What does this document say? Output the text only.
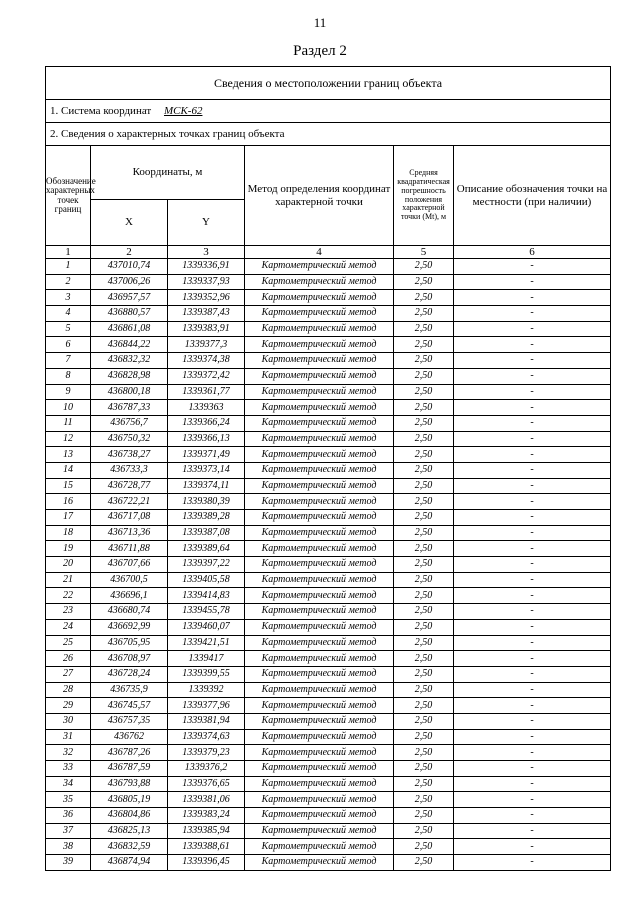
11
Раздел 2
Сведения о местоположении границ объекта					
1. Система координат МСК-62					
2. Сведения о характерных точках границ объекта					
Обозначение характерных точек границ	Координаты, м		Метод определения координат характерной точки	Средняя квадратическая погрешность положения характерной точки (Mt), м	Описание обозначения точки на местности (при наличии)
	X	Y			
1	2	3	4	5	6
1	437010,74	1339336,91	Картометрический метод	2,50	-
2	437006,26	1339337,93	Картометрический метод	2,50	-
3	436957,57	1339352,96	Картометрический метод	2,50	-
4	436880,57	1339387,43	Картометрический метод	2,50	-
5	436861,08	1339383,91	Картометрический метод	2,50	-
6	436844,22	1339377,3	Картометрический метод	2,50	-
7	436832,32	1339374,38	Картометрический метод	2,50	-
8	436828,98	1339372,42	Картометрический метод	2,50	-
9	436800,18	1339361,77	Картометрический метод	2,50	-
10	436787,33	1339363	Картометрический метод	2,50	-
11	436756,7	1339366,24	Картометрический метод	2,50	-
12	436750,32	1339366,13	Картометрический метод	2,50	-
13	436738,27	1339371,49	Картометрический метод	2,50	-
14	436733,3	1339373,14	Картометрический метод	2,50	-
15	436728,77	1339374,11	Картометрический метод	2,50	-
16	436722,21	1339380,39	Картометрический метод	2,50	-
17	436717,08	1339389,28	Картометрический метод	2,50	-
18	436713,36	1339387,08	Картометрический метод	2,50	-
19	436711,88	1339389,64	Картометрический метод	2,50	-
20	436707,66	1339397,22	Картометрический метод	2,50	-
21	436700,5	1339405,58	Картометрический метод	2,50	-
22	436696,1	1339414,83	Картометрический метод	2,50	-
23	436680,74	1339455,78	Картометрический метод	2,50	-
24	436692,99	1339460,07	Картометрический метод	2,50	-
25	436705,95	1339421,51	Картометрический метод	2,50	-
26	436708,97	1339417	Картометрический метод	2,50	-
27	436728,24	1339399,55	Картометрический метод	2,50	-
28	436735,9	1339392	Картометрический метод	2,50	-
29	436745,57	1339377,96	Картометрический метод	2,50	-
30	436757,35	1339381,94	Картометрический метод	2,50	-
31	436762	1339374,63	Картометрический метод	2,50	-
32	436787,26	1339379,23	Картометрический метод	2,50	-
33	436787,59	1339376,2	Картометрический метод	2,50	-
34	436793,88	1339376,65	Картометрический метод	2,50	-
35	436805,19	1339381,06	Картометрический метод	2,50	-
36	436804,86	1339383,24	Картометрический метод	2,50	-
37	436825,13	1339385,94	Картометрический метод	2,50	-
38	436832,59	1339388,61	Картометрический метод	2,50	-
39	436874,94	1339396,45	Картометрический метод	2,50	-
